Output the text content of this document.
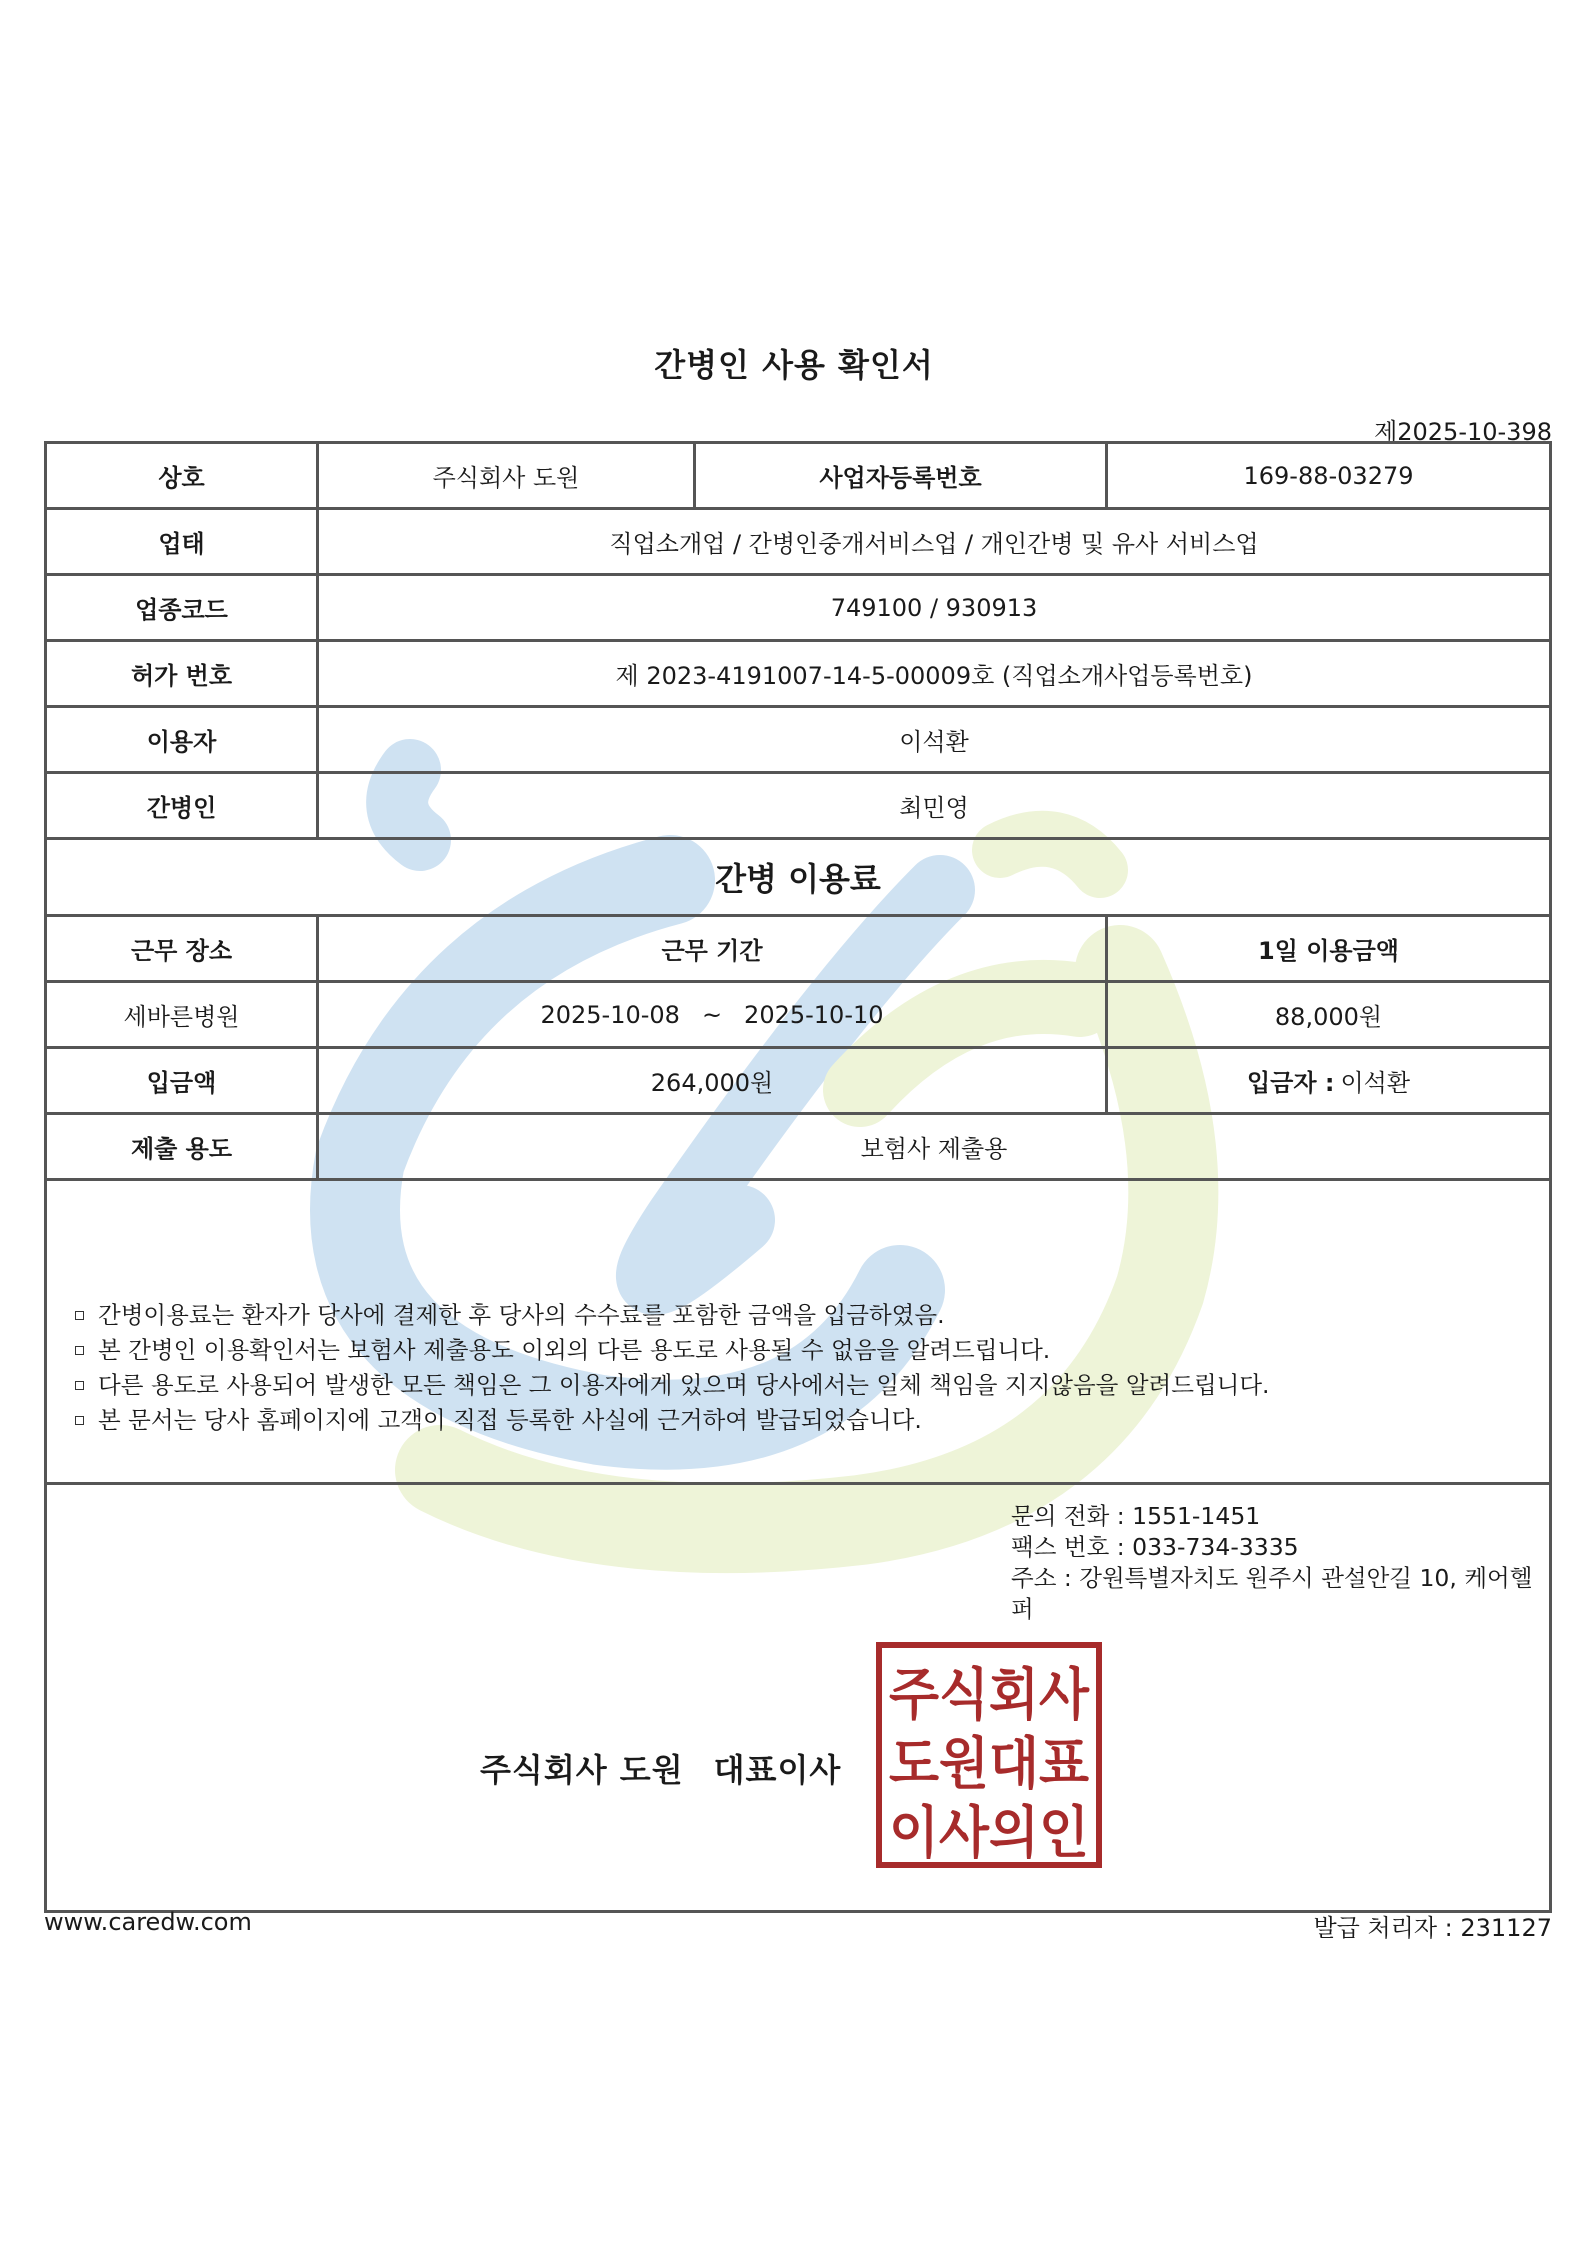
간병인 사용 확인서
제2025-10-398
상호	주식회사 도원	사업자등록번호	169-88-03279
업태	직업소개업 / 간병인중개서비스업 / 개인간병 및 유사 서비스업
업종코드	749100 / 930913
허가 번호	제 2023-4191007-14-5-00009호 (직업소개사업등록번호)
이용자	이석환
간병인	최민영
간병 이용료
근무 장소	근무 기간	1일 이용금액
세바른병원	2025-10-08 ~ 2025-10-10	88,000원
입금액	264,000원	입금자 : 이석환
제출 용도	보험사 제출용
간병이용료는 환자가 당사에 결제한 후 당사의 수수료를 포함한 금액을 입금하였음.
본 간병인 이용확인서는 보험사 제출용도 이외의 다른 용도로 사용될 수 없음을 알려드립니다.
다른 용도로 사용되어 발생한 모든 책임은 그 이용자에게 있으며 당사에서는 일체 책임을 지지않음을 알려드립니다.
본 문서는 당사 홈페이지에 고객이 직접 등록한 사실에 근거하여 발급되었습니다.
문의 전화 : 1551-1451
팩스 번호 : 033-734-3335
주소 : 강원특별자치도 원주시 관설안길 10, 케어헬퍼
주식회사 도원 대표이사
주식회사
도원대표
이사의인
www.caredw.com	발급 처리자 : 231127
